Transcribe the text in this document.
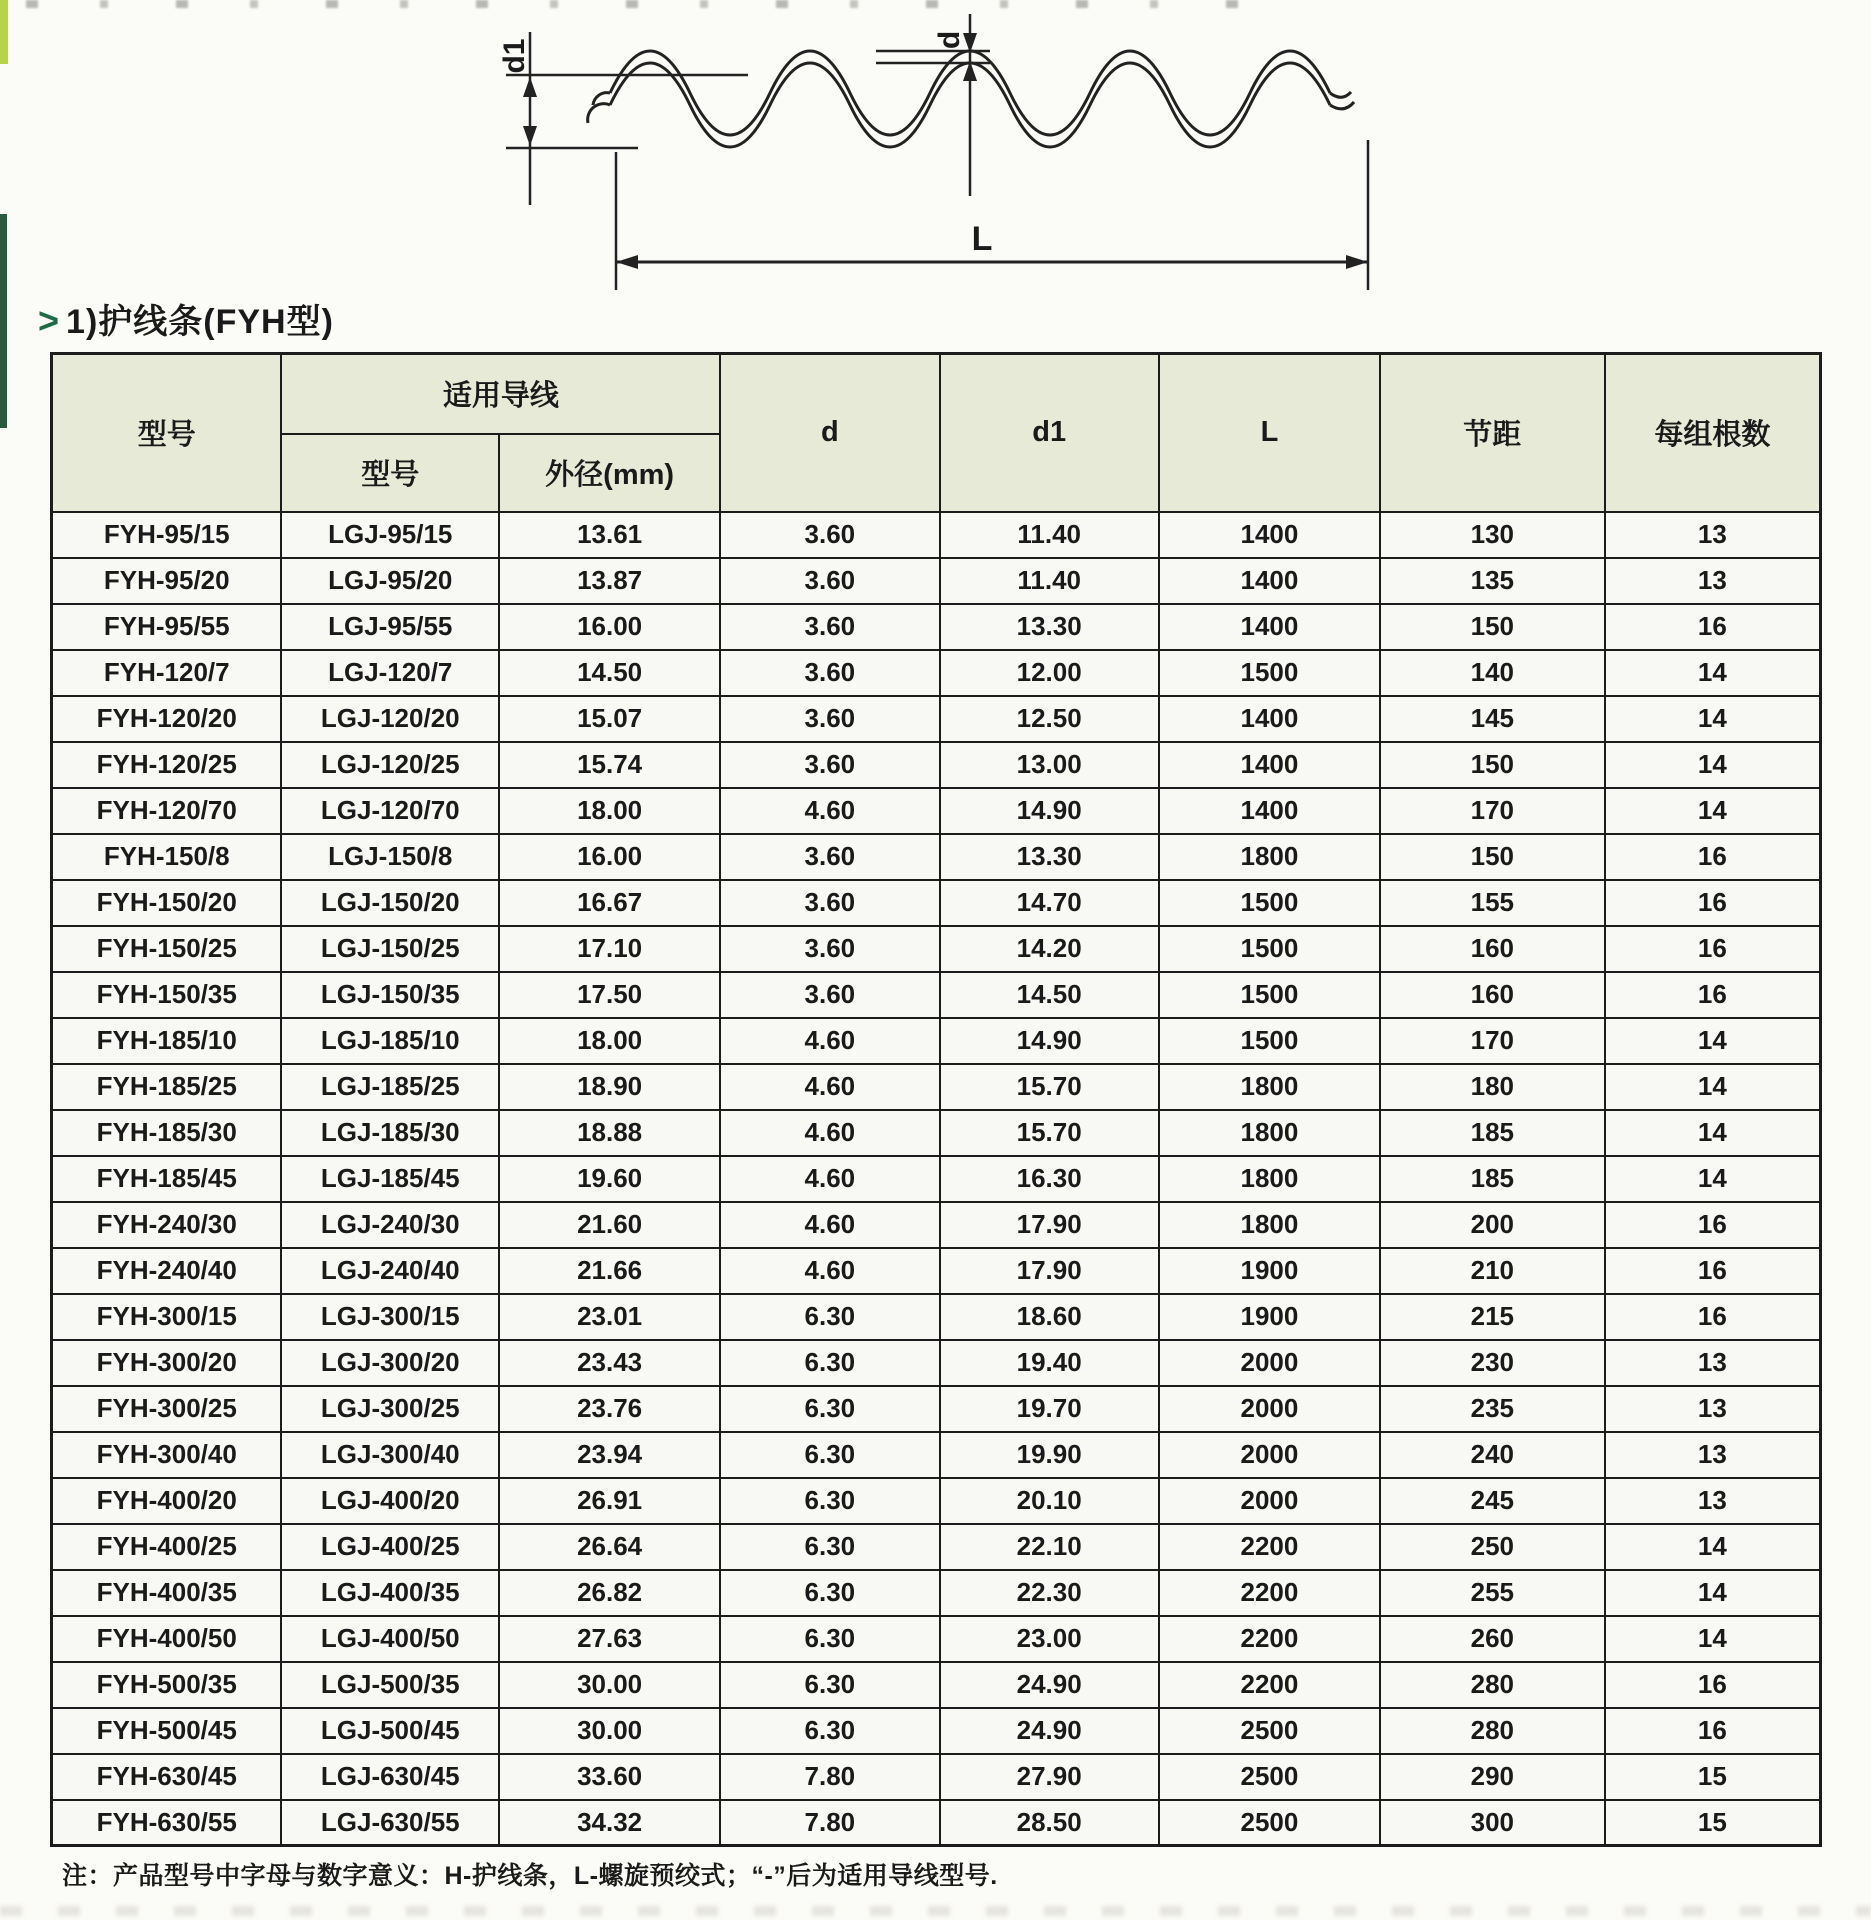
d1	d
L
> 1)护线条(FYH型)
型号	适用导线		d	d1	L	节距	每组根数
	型号	外径(mm)					
FYH-95/15	LGJ-95/15	13.61	3.60	11.40	1400	130	13
FYH-95/20	LGJ-95/20	13.87	3.60	11.40	1400	135	13
FYH-95/55	LGJ-95/55	16.00	3.60	13.30	1400	150	16
FYH-120/7	LGJ-120/7	14.50	3.60	12.00	1500	140	14
FYH-120/20	LGJ-120/20	15.07	3.60	12.50	1400	145	14
FYH-120/25	LGJ-120/25	15.74	3.60	13.00	1400	150	14
FYH-120/70	LGJ-120/70	18.00	4.60	14.90	1400	170	14
FYH-150/8	LGJ-150/8	16.00	3.60	13.30	1800	150	16
FYH-150/20	LGJ-150/20	16.67	3.60	14.70	1500	155	16
FYH-150/25	LGJ-150/25	17.10	3.60	14.20	1500	160	16
FYH-150/35	LGJ-150/35	17.50	3.60	14.50	1500	160	16
FYH-185/10	LGJ-185/10	18.00	4.60	14.90	1500	170	14
FYH-185/25	LGJ-185/25	18.90	4.60	15.70	1800	180	14
FYH-185/30	LGJ-185/30	18.88	4.60	15.70	1800	185	14
FYH-185/45	LGJ-185/45	19.60	4.60	16.30	1800	185	14
FYH-240/30	LGJ-240/30	21.60	4.60	17.90	1800	200	16
FYH-240/40	LGJ-240/40	21.66	4.60	17.90	1900	210	16
FYH-300/15	LGJ-300/15	23.01	6.30	18.60	1900	215	16
FYH-300/20	LGJ-300/20	23.43	6.30	19.40	2000	230	13
FYH-300/25	LGJ-300/25	23.76	6.30	19.70	2000	235	13
FYH-300/40	LGJ-300/40	23.94	6.30	19.90	2000	240	13
FYH-400/20	LGJ-400/20	26.91	6.30	20.10	2000	245	13
FYH-400/25	LGJ-400/25	26.64	6.30	22.10	2200	250	14
FYH-400/35	LGJ-400/35	26.82	6.30	22.30	2200	255	14
FYH-400/50	LGJ-400/50	27.63	6.30	23.00	2200	260	14
FYH-500/35	LGJ-500/35	30.00	6.30	24.90	2200	280	16
FYH-500/45	LGJ-500/45	30.00	6.30	24.90	2500	280	16
FYH-630/45	LGJ-630/45	33.60	7.80	27.90	2500	290	15
FYH-630/55	LGJ-630/55	34.32	7.80	28.50	2500	300	15
注：产品型号中字母与数字意义：H-护线条，L-螺旋预绞式；“-”后为适用导线型号.
